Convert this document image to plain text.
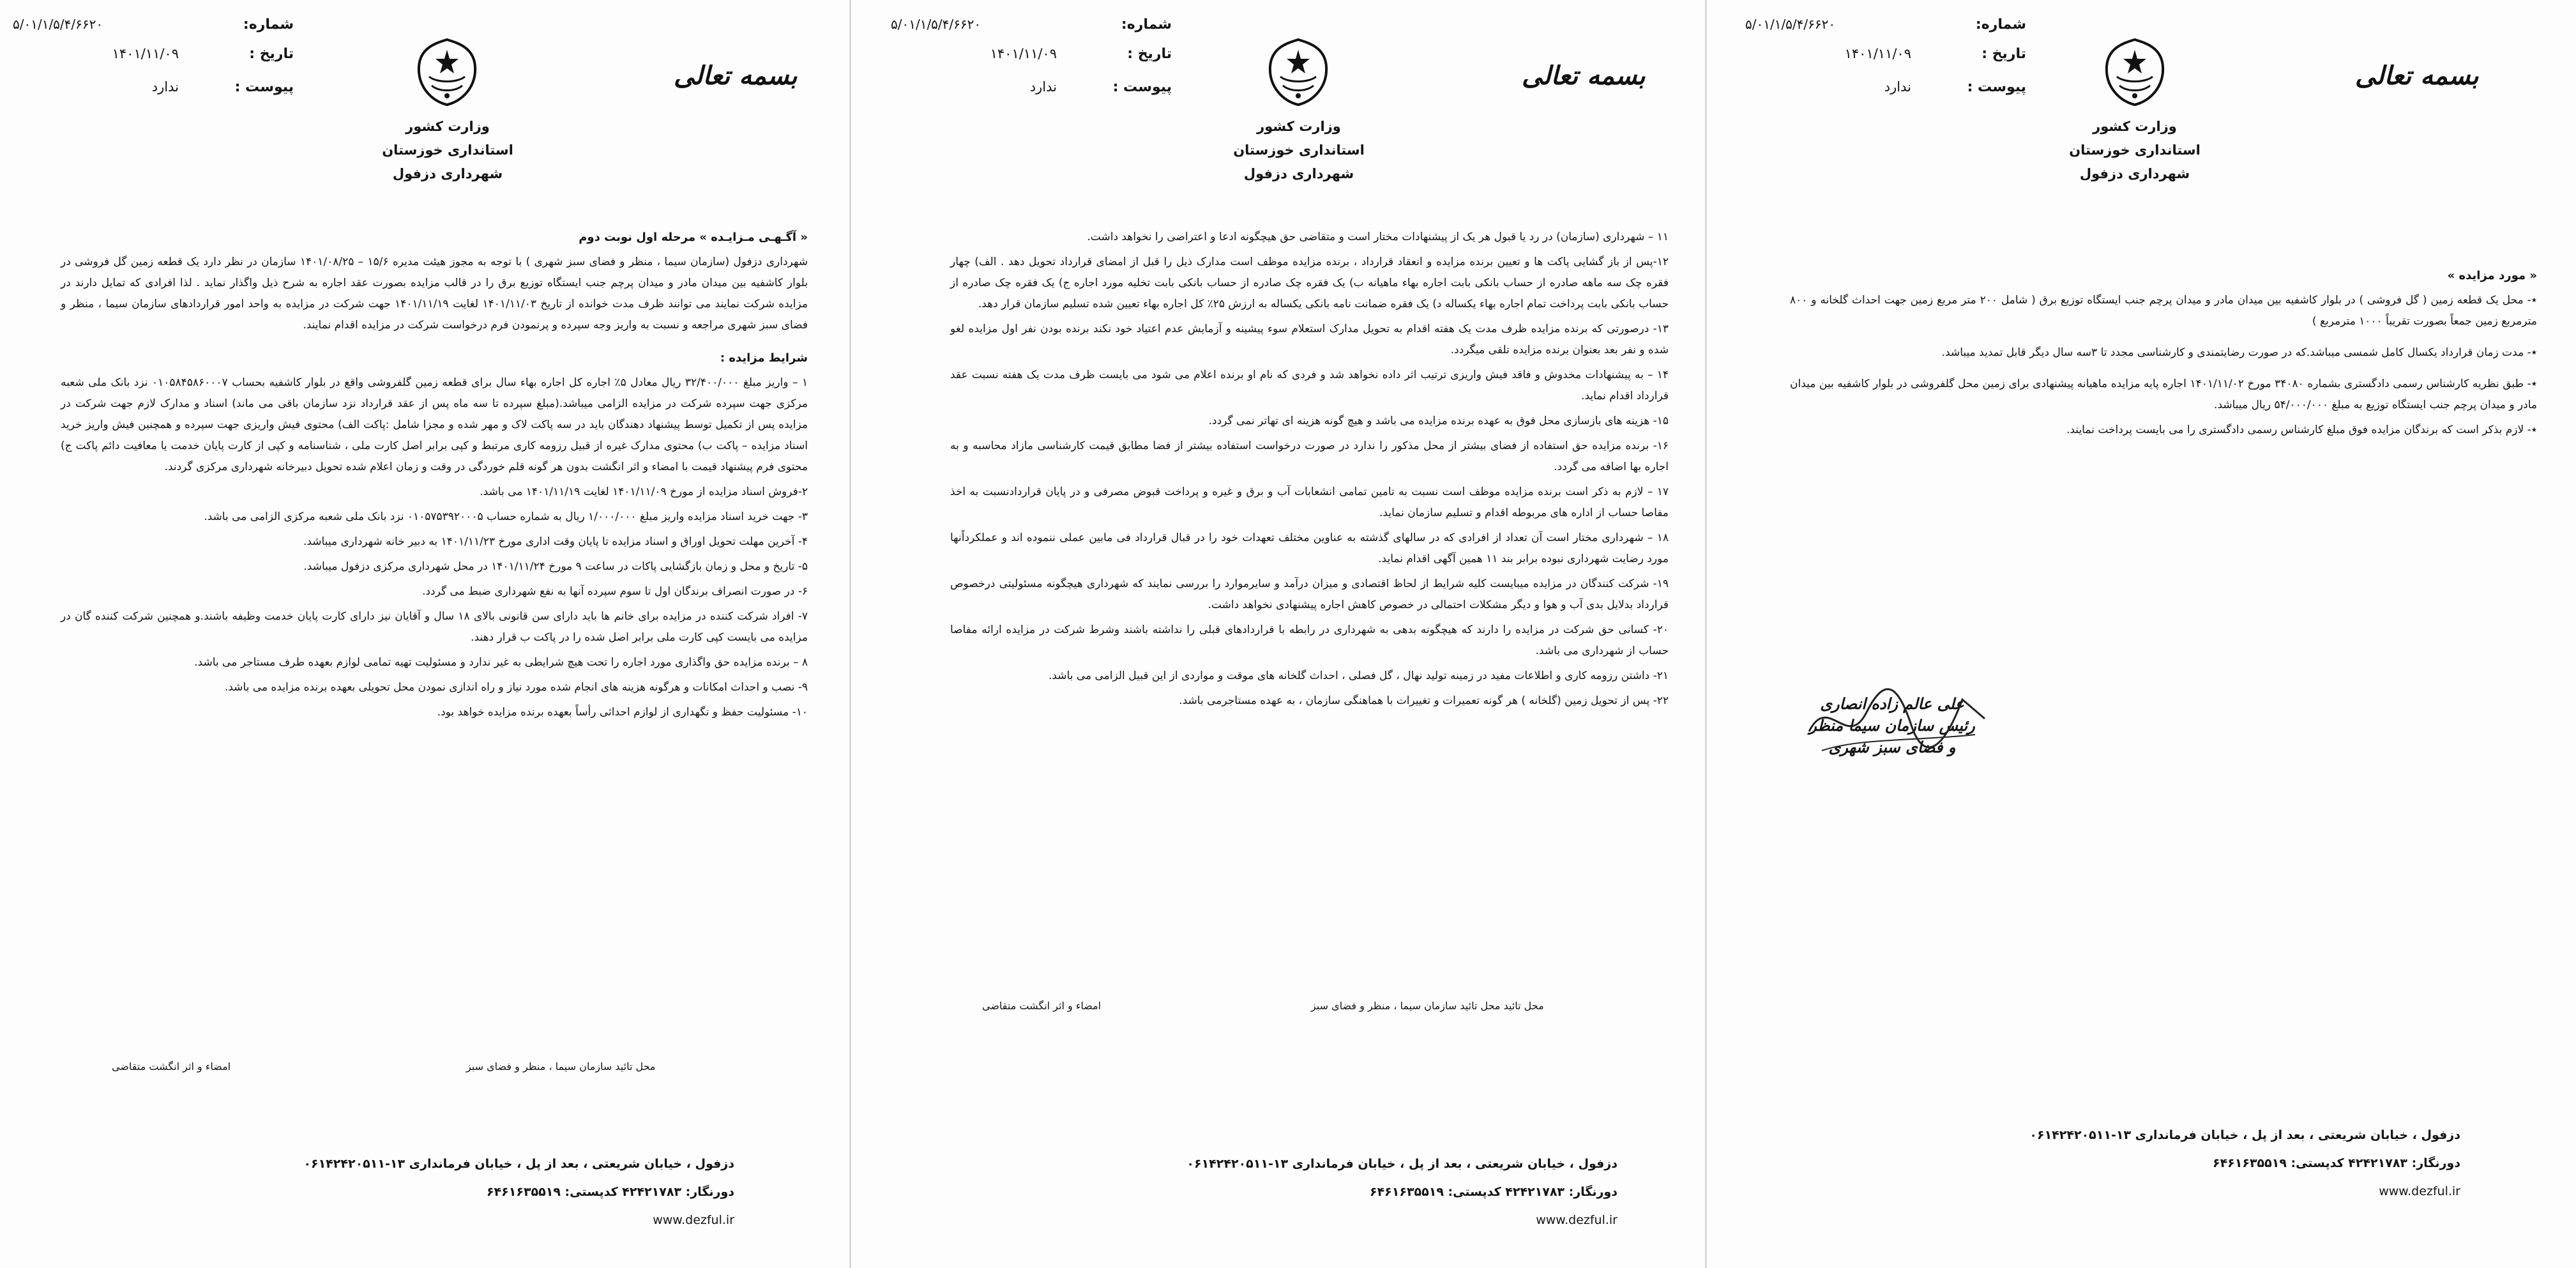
بسمه تعالی
وزارت کشور
استانداری خوزستان
شهرداری دزفول
شماره:
۵/۰۱/۱/۵/۴/۶۶۲۰
تاریخ :
۱۴۰۱/۱۱/۰۹
پیوست :
ندارد

« آگـهـی مـزایـده » مرحله اول نوبت دوم

شهرداری دزفول (سازمان سیما ، منظر و فضای سبز شهری ) با توجه به مجوز هیئت مدیره ۱۵/۶ – ۱۴۰۱/۰۸/۲۵ سازمان در نظر دارد یک قطعه زمین گل فروشی در بلوار کاشفیه بین میدان مادر و میدان پرچم جنب ایستگاه توزیع برق را در قالب مزایده بصورت عقد اجاره به شرح ذیل واگذار نماید . لذا افرادی که تمایل دارند در مزایده شرکت نمایند می توانند ظرف مدت خوانده از تاریخ ۱۴۰۱/۱۱/۰۳ لغایت ۱۴۰۱/۱۱/۱۹ جهت شرکت در مزایده به واحد امور قراردادهای سازمان سیما ، منظر و فضای سبز شهری مراجعه و نسبت به واریز وجه سپرده و پرنمودن فرم درخواست شرکت در مزایده اقدام نمایند.

شرایط مزایده :

۱ – واریز مبلغ ۳۲/۴۰۰/۰۰۰ ریال معادل ۵٪ اجاره کل اجاره بهاء سال برای قطعه زمین گلفروشی واقع در بلوار کاشفیه بحساب ۰۱۰۵۸۴۵۸۶۰۰۰۷ نزد بانک ملی شعبه مرکزی جهت سپرده شرکت در مزایده الزامی میباشد.(مبلغ سپرده تا سه ماه پس از عقد قرارداد نزد سازمان باقی می ماند) اسناد و مدارک لازم جهت شرکت در مزایده پس از تکمیل توسط پیشنهاد دهندگان باید در سه پاکت لاک و مهر شده و مجزا شامل :پاکت الف) محتوی فیش واریزی جهت سپرده و همچنین فیش واریز خرید اسناد مزایده – پاکت ب) محتوی مدارک غیره از قبیل رزومه کاری مرتبط و کپی برابر اصل کارت ملی ، شناسنامه و کپی از کارت پایان خدمت یا معافیت دائم پاکت ج) محتوی فرم پیشنهاد قیمت با امضاء و اثر انگشت بدون هر گونه قلم خوردگی در وقت و زمان اعلام شده تحویل دبیرخانه شهرداری مرکزی گردند.

۲-فروش اسناد مزایده از مورخ ۱۴۰۱/۱۱/۰۹ لغایت ۱۴۰۱/۱۱/۱۹ می باشد.

۳- جهت خرید اسناد مزایده واریز مبلغ ۱/۰۰۰/۰۰۰ ریال به شماره حساب ۰۱۰۵۷۵۳۹۲۰۰۰۵ نزد بانک ملی شعبه مرکزی الزامی می باشد.

۴- آخرین مهلت تحویل اوراق و اسناد مزایده تا پایان وقت اداری مورخ ۱۴۰۱/۱۱/۲۳ به دبیر خانه شهرداری میباشد.

۵- تاریخ و محل و زمان بازگشایی پاکات در ساعت ۹ مورخ ۱۴۰۱/۱۱/۲۴ در محل شهرداری مرکزی دزفول میباشد.

۶- در صورت انصراف برندگان اول تا سوم سپرده آنها به نفع شهرداری ضبط می گردد.

۷- افراد شرکت کننده در مزایده برای خانم ها باید دارای سن قانونی بالای ۱۸ سال و آقایان نیز دارای کارت پایان خدمت وظیفه باشند.و همچنین شرکت کننده گان در مزایده می بایست کپی کارت ملی برابر اصل شده را در پاکت ب قرار دهند.

۸ – برنده مزایده حق واگذاری مورد اجاره را تحت هیچ شرایطی به غیر ندارد و مسئولیت تهیه تمامی لوازم بعهده طرف مستاجر می باشد.

۹- نصب و احداث امکانات و هرگونه هزینه های انجام شده مورد نیاز و راه اندازی نمودن محل تحویلی بعهده برنده مزایده می باشد.

۱۰- مسئولیت حفظ و نگهداری از لوازم احداثی رأساً بعهده برنده مزایده خواهد بود.

محل تائید سازمان سیما ، منظر و فضای سبز
امضاء و اثر انگشت متقاضی
دزفول ، خیابان شریعتی ، بعد از پل ، خیابان فرمانداری ۱۳-۰۶۱۴۲۴۲۰۵۱۱
دورنگار: ۴۲۴۲۱۷۸۳ کدپستی: ۶۴۶۱۶۳۵۵۱۹
www.dezful.ir
بسمه تعالی
وزارت کشور
استانداری خوزستان
شهرداری دزفول
شماره:
۵/۰۱/۱/۵/۴/۶۶۲۰
تاریخ :
۱۴۰۱/۱۱/۰۹
پیوست :
ندارد

۱۱ – شهرداری (سازمان) در رد یا قبول هر یک از پیشنهادات مختار است و متقاضی حق هیچگونه ادعا و اعتراضی را نخواهد داشت.

۱۲-پس از باز گشایی پاکت ها و تعیین برنده مزایده و انعقاد قرارداد ، برنده مزایده موظف است مدارک ذیل را قبل از امضای قرارداد تحویل دهد . الف) چهار فقره چک سه ماهه صادره از حساب بانکی بابت اجاره بهاء ماهیانه ب) یک فقره چک صادره از حساب بانکی بابت تخلیه مورد اجاره ج) یک فقره چک صادره از حساب بانکی بابت پرداخت تمام اجاره بهاء یکساله د) یک فقره ضمانت نامه بانکی یکساله به ارزش ۲۵٪ کل اجاره بهاء تعیین شده تسلیم سازمان قرار دهد.

۱۳- درصورتی که برنده مزایده ظرف مدت یک هفته اقدام به تحویل مدارک استعلام سوء پیشینه و آزمایش عدم اعتیاد خود نکند برنده بودن نفر اول مزایده لغو شده و نفر بعد بعنوان برنده مزایده تلقی میگردد.

۱۴ – به پیشنهادات مخدوش و فاقد فیش واریزی ترتیب اثر داده نخواهد شد و فردی که نام او برنده اعلام می شود می بایست ظرف مدت یک هفته نسبت عقد قرارداد اقدام نماید.

۱۵- هزینه های بازسازی محل فوق به عهده برنده مزایده می باشد و هیچ گونه هزینه ای تهاتر نمی گردد.

۱۶- برنده مزایده حق استفاده از فضای بیشتر از محل مذکور را ندارد در صورت درخواست استفاده بیشتر از فضا مطابق قیمت کارشناسی مازاد محاسبه و به اجاره بها اضافه می گردد.

۱۷ – لازم به ذکر است برنده مزایده موظف است نسبت به تامین تمامی انشعابات آب و برق و غیره و پرداخت قبوض مصرفی و در پایان قراردادنسبت به اخذ مفاصا حساب از اداره های مربوطه اقدام و تسلیم سازمان نماید.

۱۸ – شهرداری مختار است آن تعداد از افرادی که در سالهای گذشته به عناوین مختلف تعهدات خود را در قبال قرارداد فی مابین عملی ننموده اند و عملکرداًنها مورد رضایت شهرداری نبوده برابر بند ۱۱ همین آگهی اقدام نماید.

۱۹- شرکت کنندگان در مزایده میبایست کلیه شرایط از لحاظ اقتصادی و میزان درآمد و سایرموارد را بررسی نمایند که شهرداری هیچگونه مسئولیتی درخصوص قرارداد بدلایل بدی آب و هوا و دیگر مشکلات احتمالی در خصوص کاهش اجاره پیشنهادی نخواهد داشت.

۲۰- کسانی حق شرکت در مزایده را دارند که هیچگونه بدهی به شهرداری در رابطه با قراردادهای قبلی را نداشته باشند وشرط شرکت در مزایده ارائه مفاصا حساب از شهرداری می باشد.

۲۱- داشتن رزومه کاری و اطلاعات مفید در زمینه تولید نهال ، گل فصلی ، احداث گلخانه های موقت و مواردی از این قبیل الزامی می باشد.

۲۲- پس از تحویل زمین (گلخانه ) هر گونه تعمیرات و تغییرات با هماهنگی سازمان ، به عهده مستاجرمی باشد.

محل تائید محل تائید سازمان سیما ، منظر و فضای سبز
امضاء و اثر انگشت متقاضی
دزفول ، خیابان شریعتی ، بعد از پل ، خیابان فرمانداری ۱۳-۰۶۱۴۲۴۲۰۵۱۱
دورنگار: ۴۲۴۲۱۷۸۳ کدپستی: ۶۴۶۱۶۳۵۵۱۹
www.dezful.ir
بسمه تعالی
وزارت کشور
استانداری خوزستان
شهرداری دزفول
شماره:
۵/۰۱/۱/۵/۴/۶۶۲۰
تاریخ :
۱۴۰۱/۱۱/۰۹
پیوست :
ندارد

« مورد مزایده »

٭- محل یک قطعه زمین ( گل فروشی ) در بلوار کاشفیه بین میدان مادر و میدان پرچم جنب ایستگاه توزیع برق ( شامل ۲۰۰ متر مربع زمین جهت احداث گلخانه و ۸۰۰ مترمربع زمین جمعاً بصورت تقریباً ۱۰۰۰ مترمربع )

٭- مدت زمان قرارداد یکسال کامل شمسی میباشد.که در صورت رضایتمندی و کارشناسی مجدد تا ۳سه سال دیگر قابل تمدید میباشد.

٭- طبق نظریه کارشناس رسمی دادگستری بشماره ۳۴۰۸۰ مورخ ۱۴۰۱/۱۱/۰۲ اجاره پایه مزایده ماهیانه پیشنهادی برای زمین محل گلفروشی در بلوار کاشفیه بین میدان مادر و میدان پرچم جنب ایستگاه توزیع به مبلغ ۵۴/۰۰۰/۰۰۰ ریال میباشد.

٭- لازم بذکر است که برندگان مزایده فوق مبلغ کارشناس رسمی دادگستری را می بایست پرداخت نمایند.

علی عالم زاده انصاری
رئیس سازمان سیما منظر
و فضای سبز شهری
دزفول ، خیابان شریعتی ، بعد از پل ، خیابان فرمانداری ۱۳-۰۶۱۴۲۴۲۰۵۱۱
دورنگار: ۴۲۴۲۱۷۸۳ کدپستی: ۶۴۶۱۶۳۵۵۱۹
www.dezful.ir
